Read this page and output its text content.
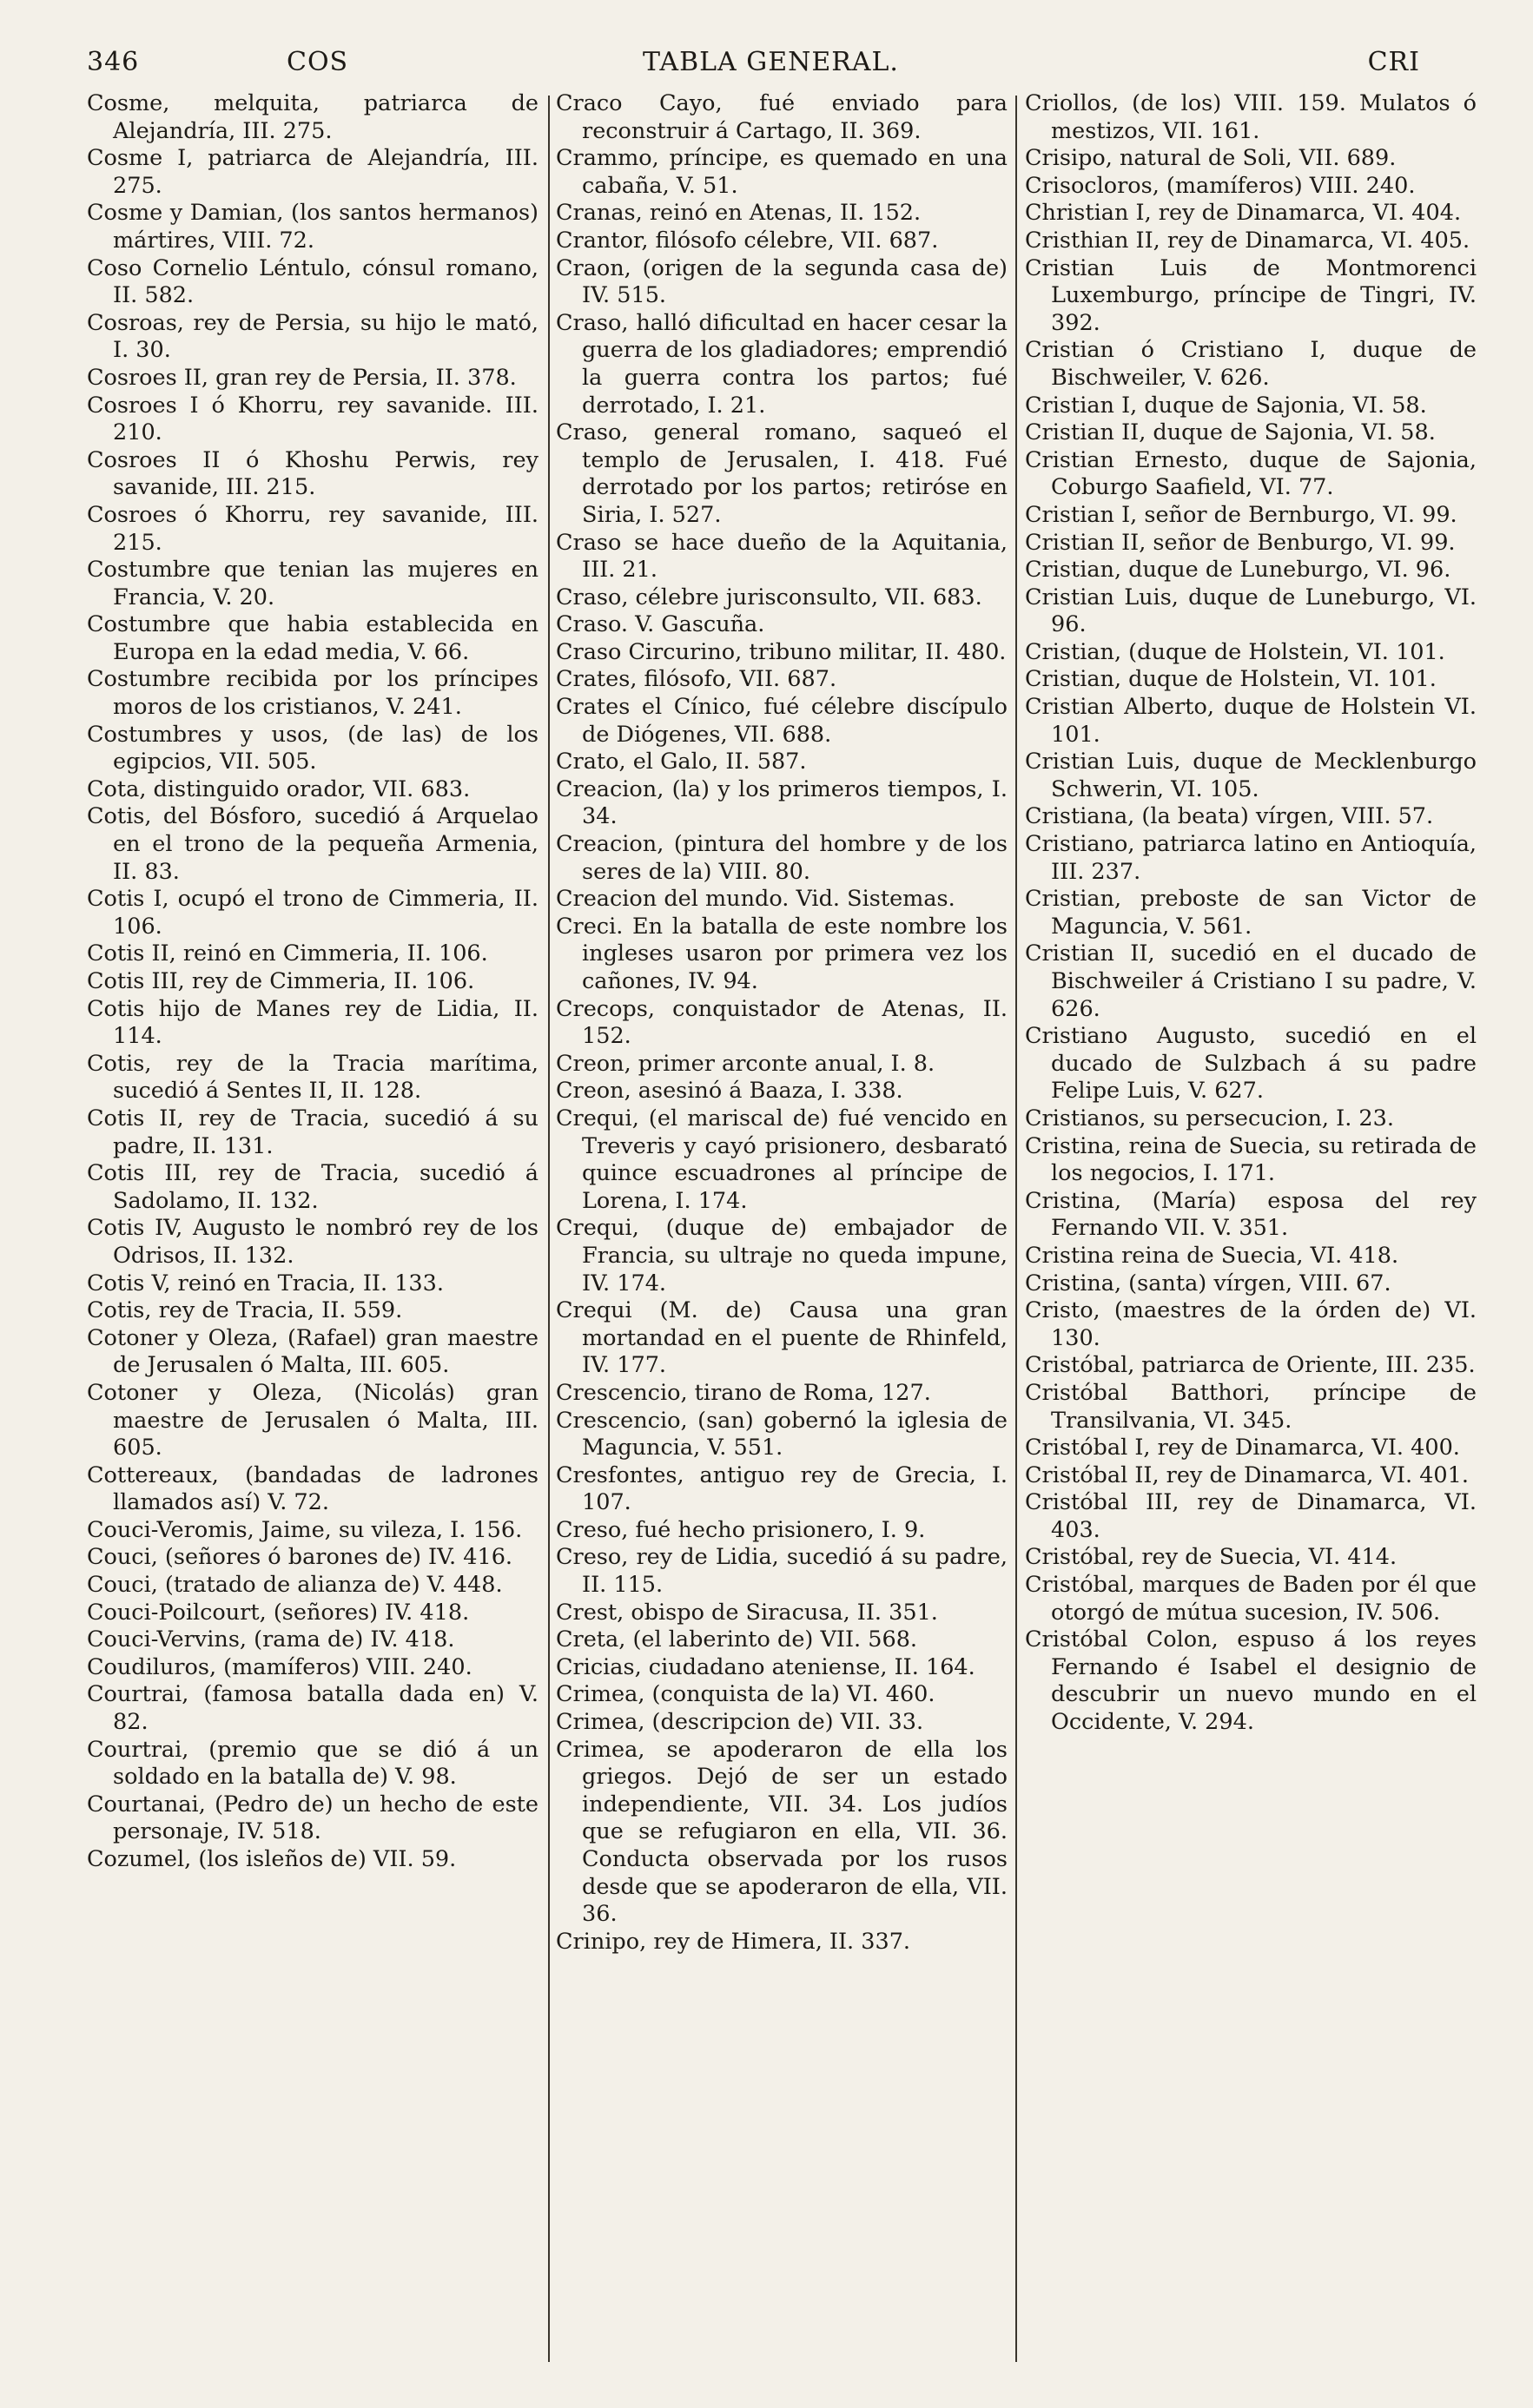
346	COS	TABLA GENERAL.	CRI
Cosme, melquita, patriarca de Alejandría, III. 275.
Cosme I, patriarca de Alejandría, III. 275.
Cosme y Damian, (los santos hermanos) mártires, VIII. 72.
Coso Cornelio Léntulo, cónsul romano, II. 582.
Cosroas, rey de Persia, su hijo le mató, I. 30.
Cosroes II, gran rey de Persia, II. 378.
Cosroes I ó Khorru, rey savanide. III. 210.
Cosroes II ó Khoshu Perwis, rey savanide, III. 215.
Cosroes ó Khorru, rey savanide, III. 215.
Costumbre que tenian las mujeres en Francia, V. 20.
Costumbre que habia establecida en Europa en la edad media, V. 66.
Costumbre recibida por los príncipes moros de los cristianos, V. 241.
Costumbres y usos, (de las) de los egipcios, VII. 505.
Cota, distinguido orador, VII. 683.
Cotis, del Bósforo, sucedió á Arquelao en el trono de la pequeña Armenia, II. 83.
Cotis I, ocupó el trono de Cimmeria, II. 106.
Cotis II, reinó en Cimmeria, II. 106.
Cotis III, rey de Cimmeria, II. 106.
Cotis hijo de Manes rey de Lidia, II. 114.
Cotis, rey de la Tracia marítima, sucedió á Sentes II, II. 128.
Cotis II, rey de Tracia, sucedió á su padre, II. 131.
Cotis III, rey de Tracia, sucedió á Sadolamo, II. 132.
Cotis IV, Augusto le nombró rey de los Odrisos, II. 132.
Cotis V, reinó en Tracia, II. 133.
Cotis, rey de Tracia, II. 559.
Cotoner y Oleza, (Rafael) gran maestre de Jerusalen ó Malta, III. 605.
Cotoner y Oleza, (Nicolás) gran maestre de Jerusalen ó Malta, III. 605.
Cottereaux, (bandadas de ladrones llamados así) V. 72.
Couci-Veromis, Jaime, su vileza, I. 156.
Couci, (señores ó barones de) IV. 416.
Couci, (tratado de alianza de) V. 448.
Couci-Poilcourt, (señores) IV. 418.
Couci-Vervins, (rama de) IV. 418.
Coudiluros, (mamíferos) VIII. 240.
Courtrai, (famosa batalla dada en) V. 82.
Courtrai, (premio que se dió á un soldado en la batalla de) V. 98.
Courtanai, (Pedro de) un hecho de este personaje, IV. 518.
Cozumel, (los isleños de) VII. 59.
Craco Cayo, fué enviado para reconstruir á Cartago, II. 369.
Crammo, príncipe, es quemado en una cabaña, V. 51.
Cranas, reinó en Atenas, II. 152.
Crantor, filósofo célebre, VII. 687.
Craon, (origen de la segunda casa de) IV. 515.
Craso, halló dificultad en hacer cesar la guerra de los gladiadores; emprendió la guerra contra los partos; fué derrotado, I. 21.
Craso, general romano, saqueó el templo de Jerusalen, I. 418. Fué derrotado por los partos; retiróse en Siria, I. 527.
Craso se hace dueño de la Aquitania, III. 21.
Craso, célebre jurisconsulto, VII. 683.
Craso. V. Gascuña.
Craso Circurino, tribuno militar, II. 480.
Crates, filósofo, VII. 687.
Crates el Cínico, fué célebre discípulo de Diógenes, VII. 688.
Crato, el Galo, II. 587.
Creacion, (la) y los primeros tiempos, I. 34.
Creacion, (pintura del hombre y de los seres de la) VIII. 80.
Creacion del mundo. Vid. Sistemas.
Creci. En la batalla de este nombre los ingleses usaron por primera vez los cañones, IV. 94.
Crecops, conquistador de Atenas, II. 152.
Creon, primer arconte anual, I. 8.
Creon, asesinó á Baaza, I. 338.
Crequi, (el mariscal de) fué vencido en Treveris y cayó prisionero, desbarató quince escuadrones al príncipe de Lorena, I. 174.
Crequi, (duque de) embajador de Francia, su ultraje no queda impune, IV. 174.
Crequi (M. de) Causa una gran mortandad en el puente de Rhinfeld, IV. 177.
Crescencio, tirano de Roma, 127.
Crescencio, (san) gobernó la iglesia de Maguncia, V. 551.
Cresfontes, antiguo rey de Grecia, I. 107.
Creso, fué hecho prisionero, I. 9.
Creso, rey de Lidia, sucedió á su padre, II. 115.
Crest, obispo de Siracusa, II. 351.
Creta, (el laberinto de) VII. 568.
Cricias, ciudadano ateniense, II. 164.
Crimea, (conquista de la) VI. 460.
Crimea, (descripcion de) VII. 33.
Crimea, se apoderaron de ella los griegos. Dejó de ser un estado independiente, VII. 34. Los judíos que se refugiaron en ella, VII. 36. Conducta observada por los rusos desde que se apoderaron de ella, VII. 36.
Crinipo, rey de Himera, II. 337.
Criollos, (de los) VIII. 159. Mulatos ó mestizos, VII. 161.
Crisipo, natural de Soli, VII. 689.
Crisocloros, (mamíferos) VIII. 240.
Christian I, rey de Dinamarca, VI. 404.
Cristhian II, rey de Dinamarca, VI. 405.
Cristian Luis de Montmorenci Luxemburgo, príncipe de Tingri, IV. 392.
Cristian ó Cristiano I, duque de Bischweiler, V. 626.
Cristian I, duque de Sajonia, VI. 58.
Cristian II, duque de Sajonia, VI. 58.
Cristian Ernesto, duque de Sajonia, Coburgo Saafield, VI. 77.
Cristian I, señor de Bernburgo, VI. 99.
Cristian II, señor de Benburgo, VI. 99.
Cristian, duque de Luneburgo, VI. 96.
Cristian Luis, duque de Luneburgo, VI. 96.
Cristian, (duque de Holstein, VI. 101.
Cristian, duque de Holstein, VI. 101.
Cristian Alberto, duque de Holstein VI. 101.
Cristian Luis, duque de Mecklenburgo Schwerin, VI. 105.
Cristiana, (la beata) vírgen, VIII. 57.
Cristiano, patriarca latino en Antioquía, III. 237.
Cristian, preboste de san Victor de Maguncia, V. 561.
Cristian II, sucedió en el ducado de Bischweiler á Cristiano I su padre, V. 626.
Cristiano Augusto, sucedió en el ducado de Sulzbach á su padre Felipe Luis, V. 627.
Cristianos, su persecucion, I. 23.
Cristina, reina de Suecia, su retirada de los negocios, I. 171.
Cristina, (María) esposa del rey Fernando VII. V. 351.
Cristina reina de Suecia, VI. 418.
Cristina, (santa) vírgen, VIII. 67.
Cristo, (maestres de la órden de) VI. 130.
Cristóbal, patriarca de Oriente, III. 235.
Cristóbal Batthori, príncipe de Transilvania, VI. 345.
Cristóbal I, rey de Dinamarca, VI. 400.
Cristóbal II, rey de Dinamarca, VI. 401.
Cristóbal III, rey de Dinamarca, VI. 403.
Cristóbal, rey de Suecia, VI. 414.
Cristóbal, marques de Baden por él que otorgó de mútua sucesion, IV. 506.
Cristóbal Colon, espuso á los reyes Fernando é Isabel el designio de descubrir un nuevo mundo en el Occidente, V. 294.
